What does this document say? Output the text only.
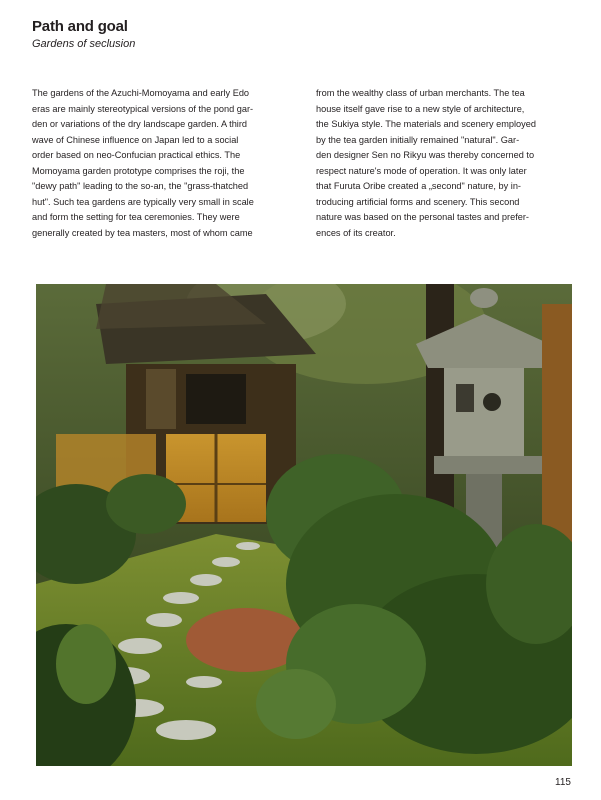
Path and goal

Gardens of seclusion

The gardens of the Azuchi-Momoyama and early Edo
eras are mainly stereotypical versions of the pond gar-
den or variations of the dry landscape garden. A third
wave of Chinese influence on Japan led to a social
order based on neo-Confucian practical ethics. The
Momoyama garden prototype comprises the roji, the
"dewy path" leading to the so-an, the "grass-thatched
hut". Such tea gardens are typically very small in scale
and form the setting for tea ceremonies. They were
generally created by tea masters, most of whom came
from the wealthy class of urban merchants. The tea
house itself gave rise to a new style of architecture,
the Sukiya style. The materials and scenery employed
by the tea garden initially remained "natural". Gar-
den designer Sen no Rikyu was thereby concerned to
respect nature's mode of operation. It was only later
that Furuta Oribe created a „second" nature, by in-
troducing artificial forms and scenery. This second
nature was based on the personal tastes and prefer-
ences of its creator.

115
